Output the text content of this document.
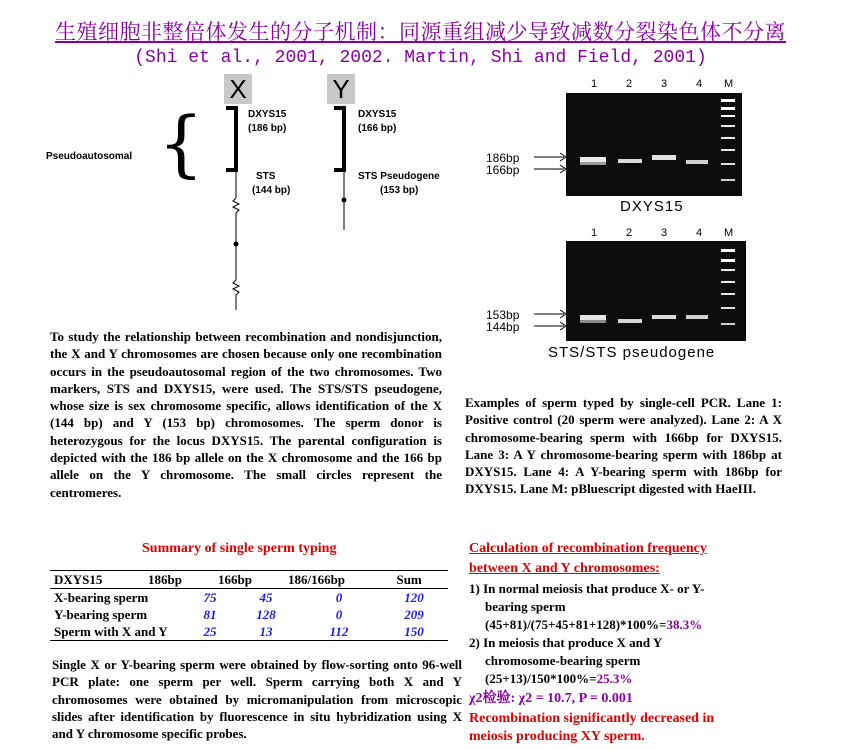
生殖细胞非整倍体发生的分子机制：同源重组减少导致减数分裂染色体不分离
(Shi et al., 2001, 2002. Martin, Shi and Field, 2001)
X	Y
Pseudoautosomal {	DXYS15
(186 bp)
STS
(144 bp)
DXYS15
(166 bp)
STS Pseudogene
(153 bp)
1	2	3	4 M
186bp
166bp
DXYS15
1	2	3	4 M
153bp
144bp
STS/STS pseudogene
To study the relationship between recombination and nondisjunction, the X and Y chromosomes are chosen because only one recombination occurs in the pseudoautosomal region of the two chromosomes. Two markers, STS and DXYS15, were used. The STS/STS pseudogene, whose size is sex chromosome specific, allows identification of the X (144 bp) and Y (153 bp) chromosomes. The sperm donor is heterozygous for the locus DXYS15. The parental configuration is depicted with the 186 bp allele on the X chromosome and the 166 bp allele on the Y chromosome. The small circles represent the centromeres.
Examples of sperm typed by single-cell PCR. Lane 1: Positive control (20 sperm were analyzed). Lane 2: A X chromosome-bearing sperm with 166bp for DXYS15. Lane 3: A Y chromosome-bearing sperm with 186bp at DXYS15. Lane 4: A Y-bearing sperm with 186bp for DXYS15. Lane M: pBluescript digested with HaeIII.
Summary of single sperm typing
DXYS15	186bp	166bp	186/166bp	Sum
X-bearing sperm	75	45	0	120
Y-bearing sperm	81	128	0	209
Sperm with X and Y	25	13	112	150
Single X or Y-bearing sperm were obtained by flow-sorting onto 96-well PCR plate: one sperm per well. Sperm carrying both X and Y chromosomes were obtained by micromanipulation from microscopic slides after identification by fluorescence in situ hybridization using X and Y chromosome specific probes.
Calculation of recombination frequency
between X and Y chromosomes:
1) In normal meiosis that produce X- or Y-
bearing sperm
(45+81)/(75+45+81+128)*100%=38.3%
2) In meiosis that produce X and Y
chromosome-bearing sperm
(25+13)/150*100%=25.3%
χ2检验: χ2 = 10.7, P = 0.001
Recombination significantly decreased in
meiosis producing XY sperm.
